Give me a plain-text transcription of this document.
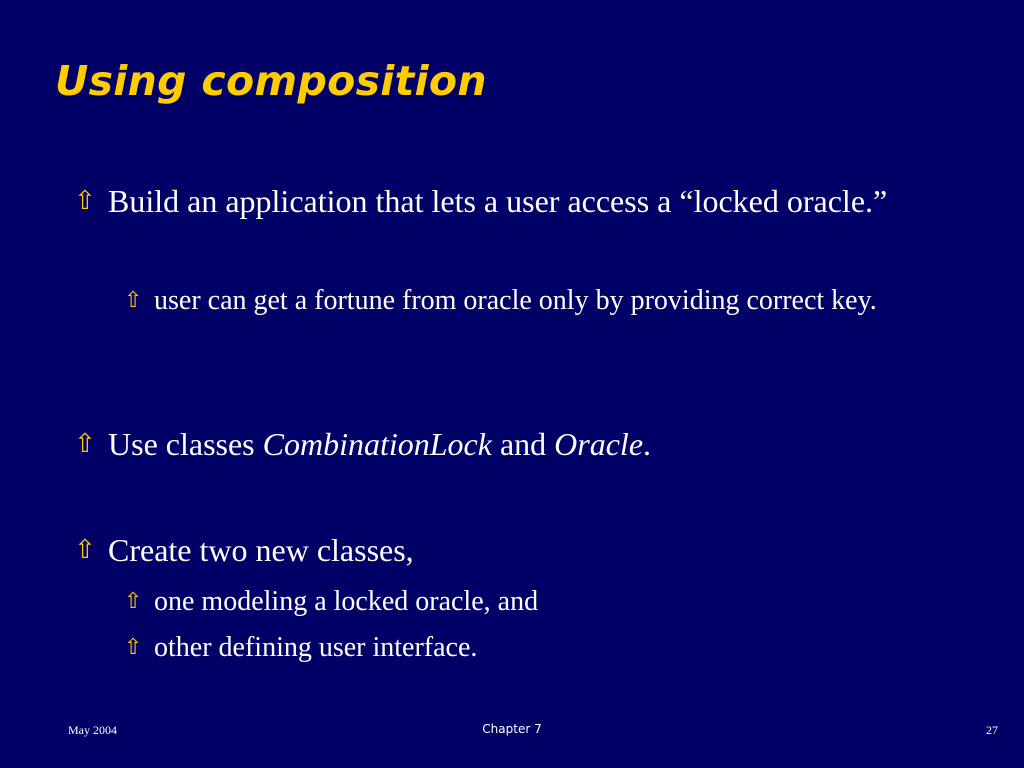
Using composition
⇧ Build an application that lets a user access a “locked oracle.”
⇧ user can get a fortune from oracle only by providing correct key.
⇧ Use classes CombinationLock and Oracle.
⇧ Create two new classes,
⇧ one modeling a locked oracle, and
⇧ other defining user interface.
May 2004	Chapter 7	27
